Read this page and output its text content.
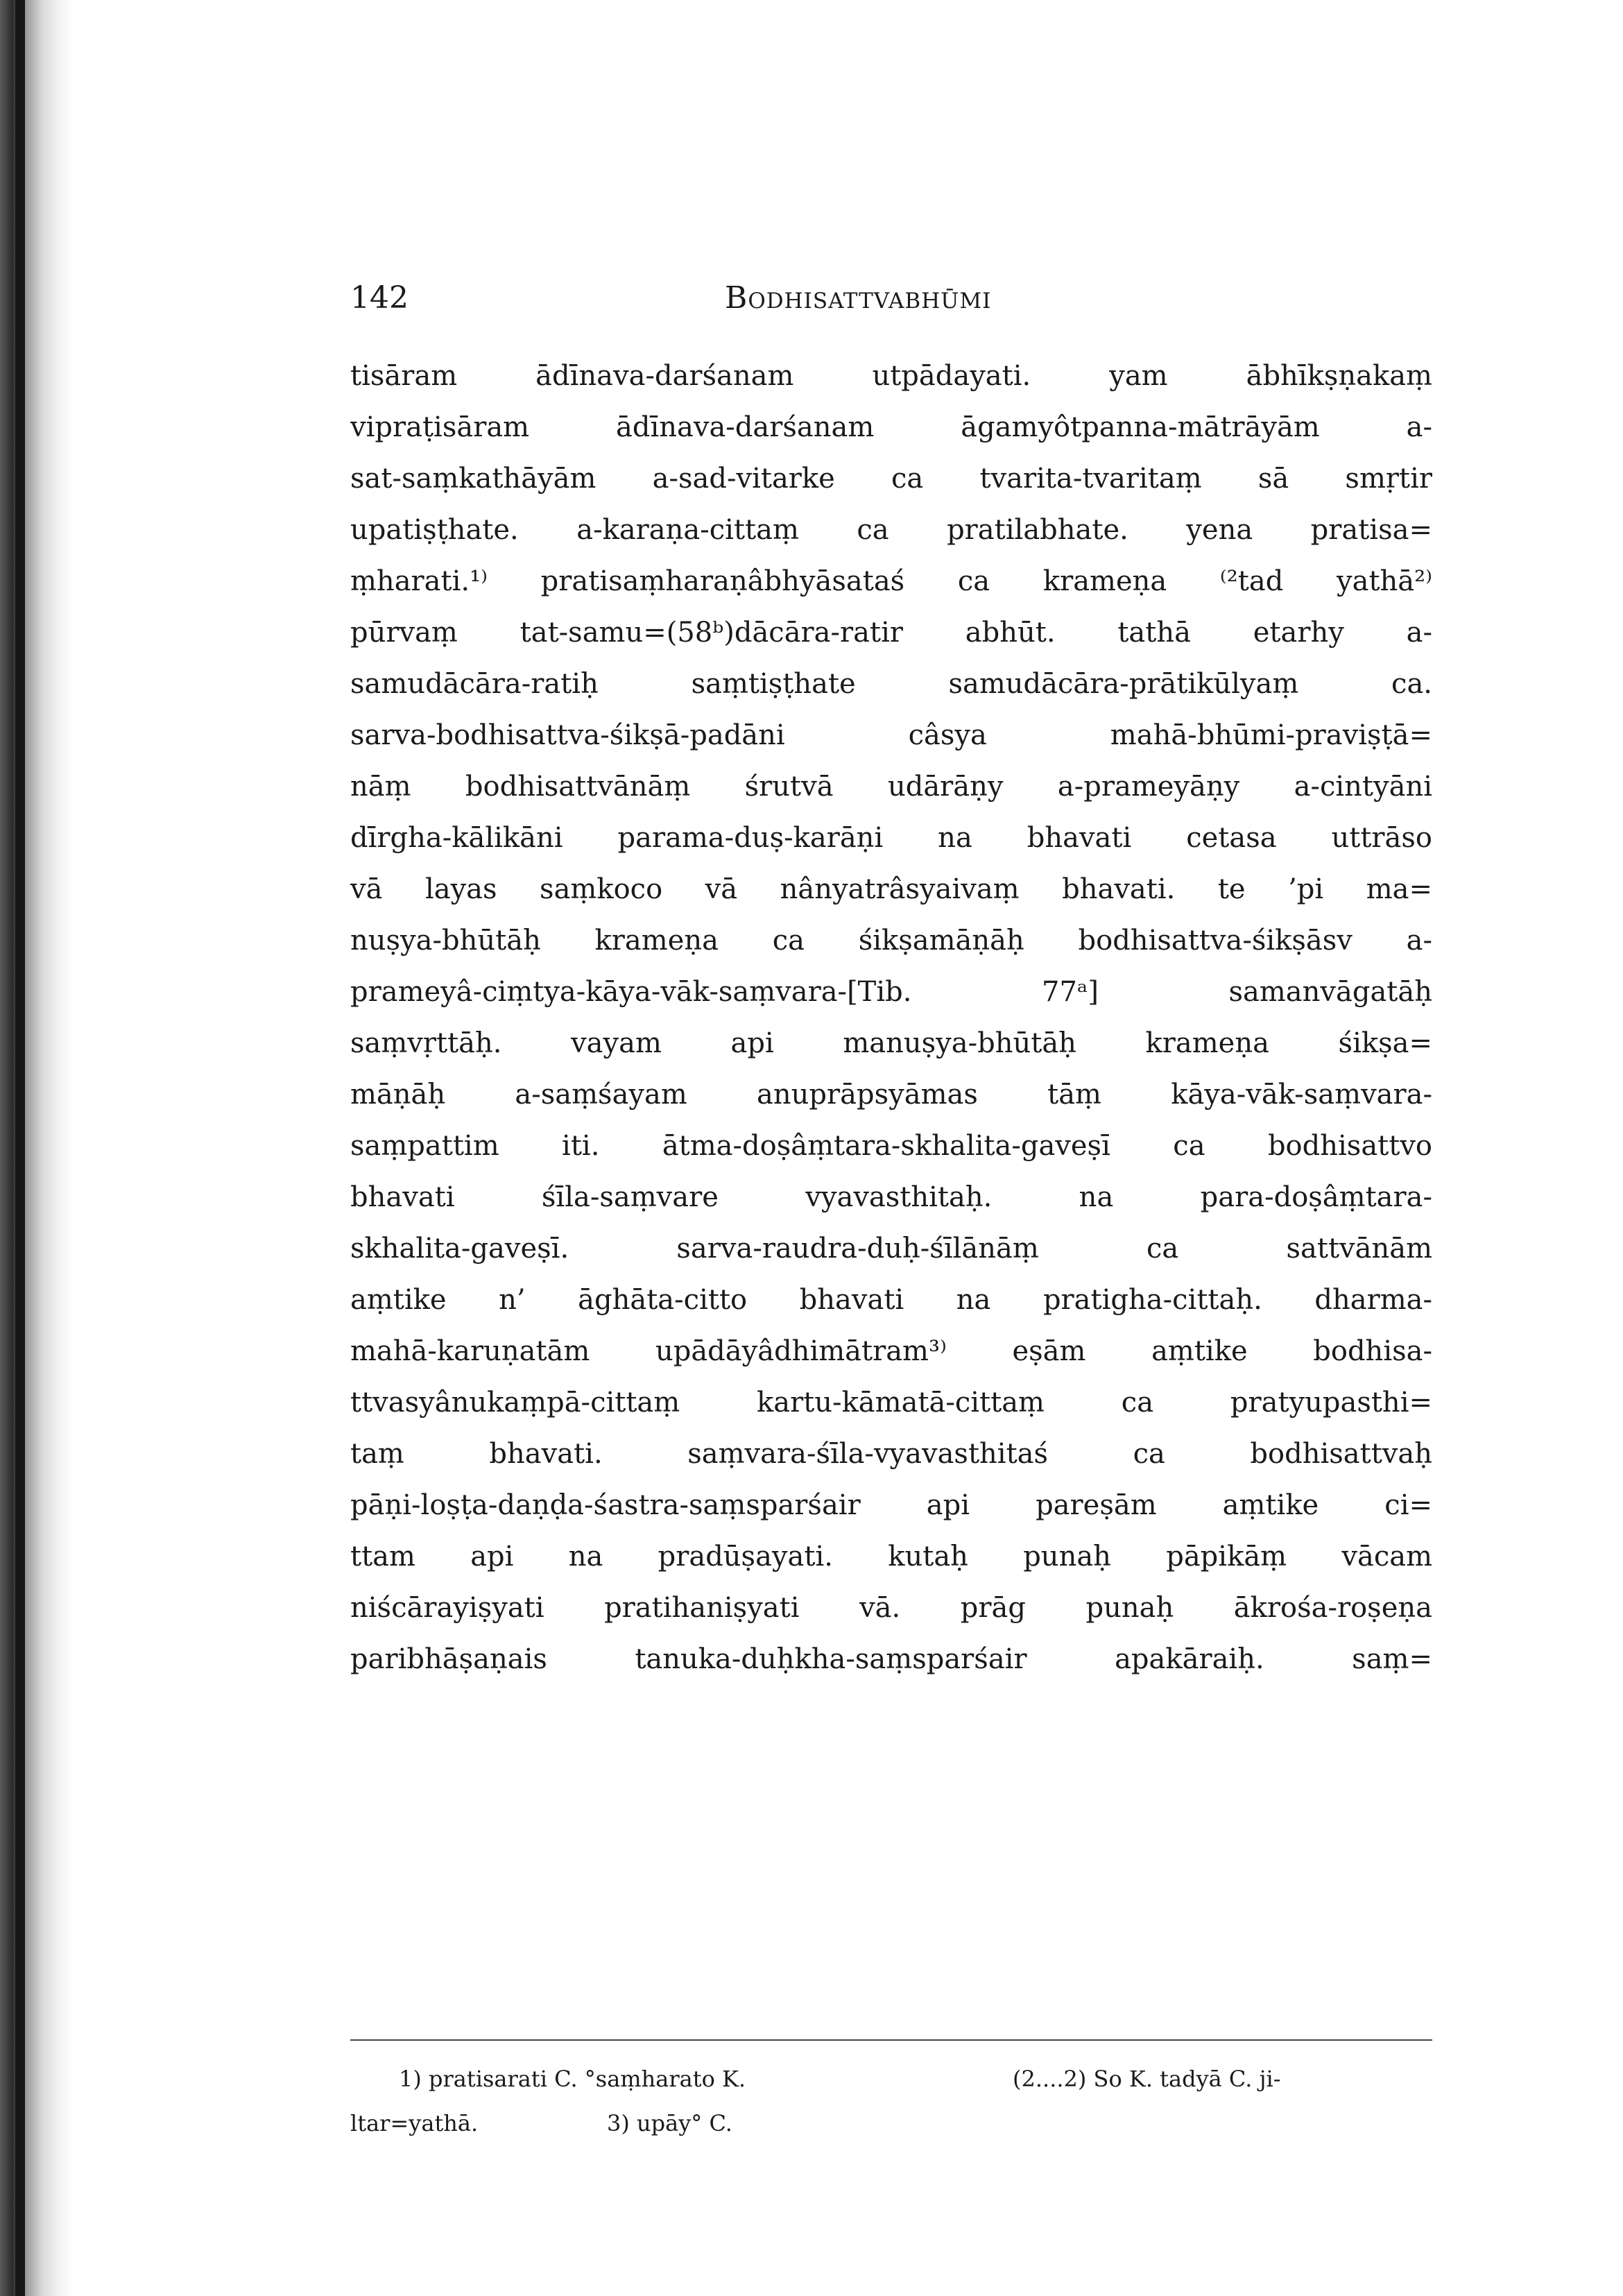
142	Bodhisattvabhūmi
tisāram ādīnava-darśanam utpādayati. yam ābhīkṣṇakaṃ
vipraṭisāram ādīnava-darśanam āgamyôtpanna-mātrāyām a-
sat-saṃkathāyām a-sad-vitarke ca tvarita-tvaritaṃ sā smṛtir
upatiṣṭhate. a-karaṇa-cittaṃ ca pratilabhate. yena pratisa=
ṃharati.¹⁾ pratisaṃharaṇâbhyāsataś ca krameṇa ⁽²tad yathā²⁾
pūrvaṃ tat-samu=(58ᵇ)dācāra-ratir abhūt. tathā etarhy a-
samudācāra-ratiḥ saṃtiṣṭhate samudācāra-prātikūlyaṃ ca.
sarva-bodhisattva-śikṣā-padāni câsya mahā-bhūmi-praviṣṭā=
nāṃ bodhisattvānāṃ śrutvā udārāṇy a-prameyāṇy a-cintyāni
dīrgha-kālikāni parama-duṣ-karāṇi na bhavati cetasa uttrāso
vā layas saṃkoco vā nânyatrâsyaivaṃ bhavati. te ’pi ma=
nuṣya-bhūtāḥ krameṇa ca śikṣamāṇāḥ bodhisattva-śikṣāsv a-
prameyâ-ciṃtya-kāya-vāk-saṃvara-[Tib. 77ᵃ] samanvāgatāḥ
saṃvṛttāḥ. vayam api manuṣya-bhūtāḥ krameṇa śikṣa=
māṇāḥ a-saṃśayam anuprāpsyāmas tāṃ kāya-vāk-saṃvara-
saṃpattim iti. ātma-doṣâṃtara-skhalita-gaveṣī ca bodhisattvo
bhavati śīla-saṃvare vyavasthitaḥ. na para-doṣâṃtara-
skhalita-gaveṣī. sarva-raudra-duḥ-śīlānāṃ ca sattvānām
aṃtike n’ āghāta-citto bhavati na pratigha-cittaḥ. dharma-
mahā-karuṇatām upādāyâdhimātram³⁾ eṣām aṃtike bodhisa-
ttvasyânukaṃpā-cittaṃ kartu-kāmatā-cittaṃ ca pratyupasthi=
taṃ bhavati. saṃvara-śīla-vyavasthitaś ca bodhisattvaḥ
pāṇi-loṣṭa-daṇḍa-śastra-saṃsparśair api pareṣām aṃtike ci=
ttam api na pradūṣayati. kutaḥ punaḥ pāpikāṃ vācam
niścārayiṣyati pratihaniṣyati vā. prāg punaḥ ākrośa-roṣeṇa
paribhāṣaṇais tanuka-duḥkha-saṃsparśair apakāraiḥ. saṃ=
1) pratisarati C. °saṃharato K.	(2....2) So K. tadyā C. ji-
ltar=yathā.	3) upāy° C.
